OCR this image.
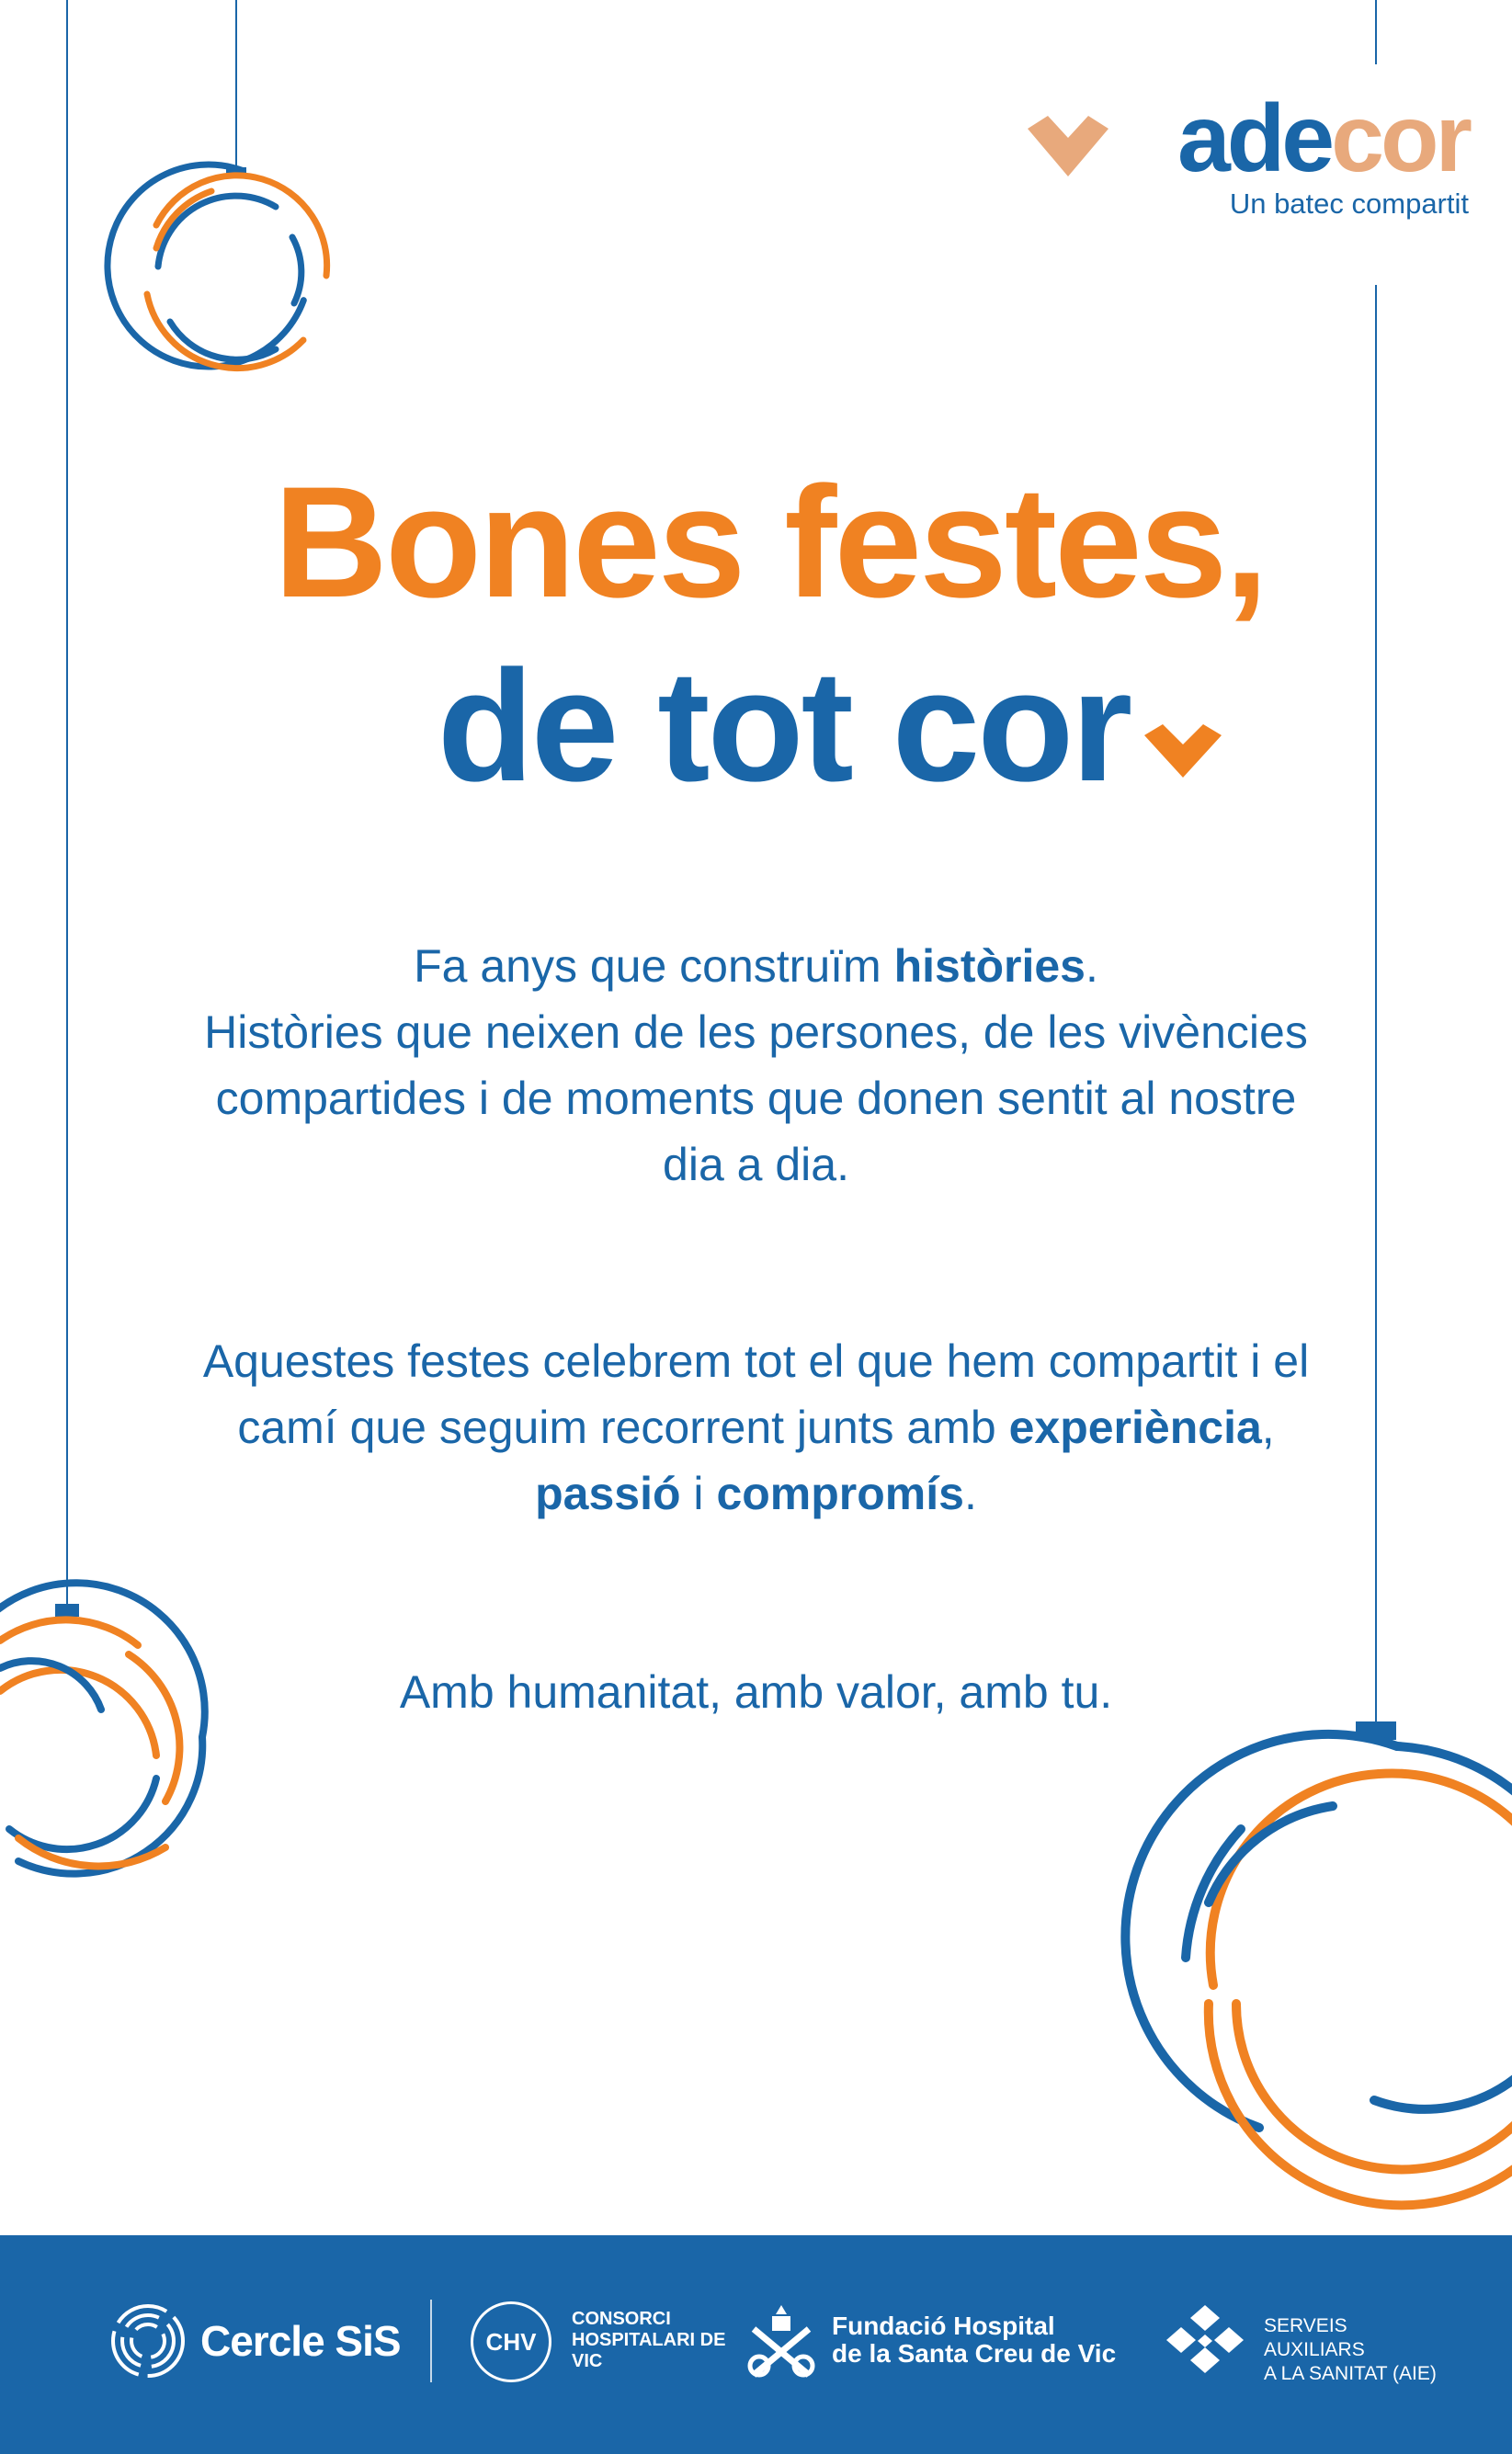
adecor
Un batec compartit
Bones festes,
de tot cor
Fa anys que construïm històries.
Històries que neixen de les persones, de les vivències compartides i de moments que donen sentit al nostre dia a dia.
Aquestes festes celebrem tot el que hem compartit i el camí que seguim recorrent junts amb experiència, passió i compromís.
Amb humanitat, amb valor, amb tu.
Cercle SiS	CHV
CONSORCI HOSPITALARI DE VIC
Fundació Hospital
de la Santa Creu de Vic
SERVEIS AUXILIARS
A LA SANITAT (AIE)
